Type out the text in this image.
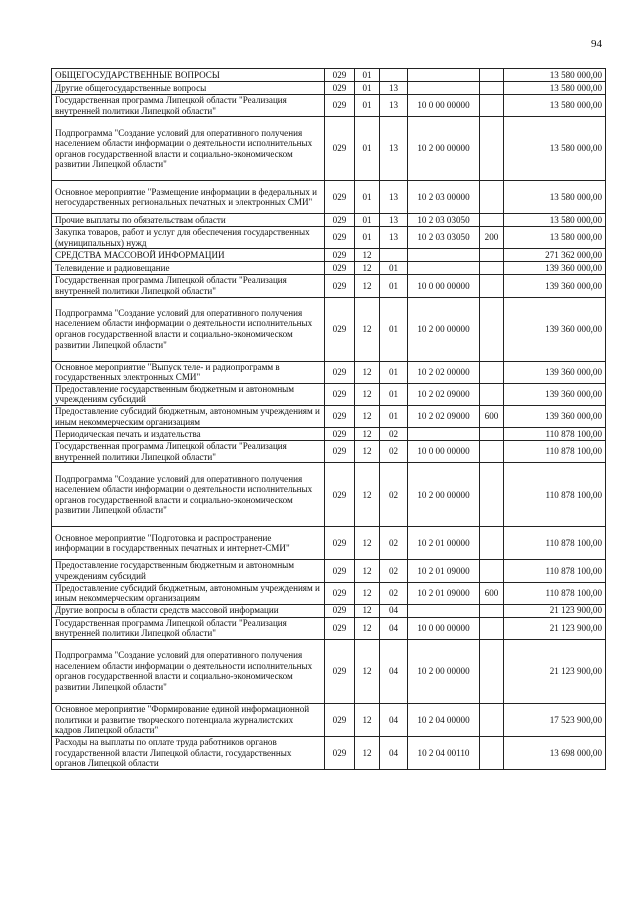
94
ОБЩЕГОСУДАРСТВЕННЫЕ ВОПРОСЫ	029	01				13 580 000,00
Другие общегосударственные вопросы	029	01	13			13 580 000,00
Государственная программа Липецкой области "Реализация внутренней политики Липецкой области"	029	01	13	10 0 00 00000		13 580 000,00
Подпрограмма "Создание условий для оперативного получения населением области информации о деятельности исполнительных органов государственной власти и социально-экономическом развитии Липецкой области"	029	01	13	10 2 00 00000		13 580 000,00
Основное мероприятие "Размещение информации в федеральных и негосударственных региональных печатных и электронных СМИ"	029	01	13	10 2 03 00000		13 580 000,00
Прочие выплаты по обязательствам области	029	01	13	10 2 03 03050		13 580 000,00
Закупка товаров, работ и услуг для обеспечения государственных (муниципальных) нужд	029	01	13	10 2 03 03050	200	13 580 000,00
СРЕДСТВА МАССОВОЙ ИНФОРМАЦИИ	029	12				271 362 000,00
Телевидение и радиовещание	029	12	01			139 360 000,00
Государственная программа Липецкой области "Реализация внутренней политики Липецкой области"	029	12	01	10 0 00 00000		139 360 000,00
Подпрограмма "Создание условий для оперативного получения населением области информации о деятельности исполнительных органов государственной власти и социально-экономическом развитии Липецкой области"	029	12	01	10 2 00 00000		139 360 000,00
Основное мероприятие "Выпуск теле- и радиопрограмм в государственных электронных СМИ"	029	12	01	10 2 02 00000		139 360 000,00
Предоставление государственным бюджетным и автономным учреждениям субсидий	029	12	01	10 2 02 09000		139 360 000,00
Предоставление субсидий бюджетным, автономным учреждениям и иным некоммерческим организациям	029	12	01	10 2 02 09000	600	139 360 000,00
Периодическая печать и издательства	029	12	02			110 878 100,00
Государственная программа Липецкой области "Реализация внутренней политики Липецкой области"	029	12	02	10 0 00 00000		110 878 100,00
Подпрограмма "Создание условий для оперативного получения населением области информации о деятельности исполнительных органов государственной власти и социально-экономическом развитии Липецкой области"	029	12	02	10 2 00 00000		110 878 100,00
Основное мероприятие "Подготовка и распространение информации в государственных печатных и интернет-СМИ"	029	12	02	10 2 01 00000		110 878 100,00
Предоставление государственным бюджетным и автономным учреждениям субсидий	029	12	02	10 2 01 09000		110 878 100,00
Предоставление субсидий бюджетным, автономным учреждениям и иным некоммерческим организациям	029	12	02	10 2 01 09000	600	110 878 100,00
Другие вопросы в области средств массовой информации	029	12	04			21 123 900,00
Государственная программа Липецкой области "Реализация внутренней политики Липецкой области"	029	12	04	10 0 00 00000		21 123 900,00
Подпрограмма "Создание условий для оперативного получения населением области информации о деятельности исполнительных органов государственной власти и социально-экономическом развитии Липецкой области"	029	12	04	10 2 00 00000		21 123 900,00
Основное мероприятие "Формирование единой информационной политики и развитие творческого потенциала журналистских кадров Липецкой области"	029	12	04	10 2 04 00000		17 523 900,00
Расходы на выплаты по оплате труда работников органов государственной власти Липецкой области, государственных органов Липецкой области	029	12	04	10 2 04 00110		13 698 000,00
